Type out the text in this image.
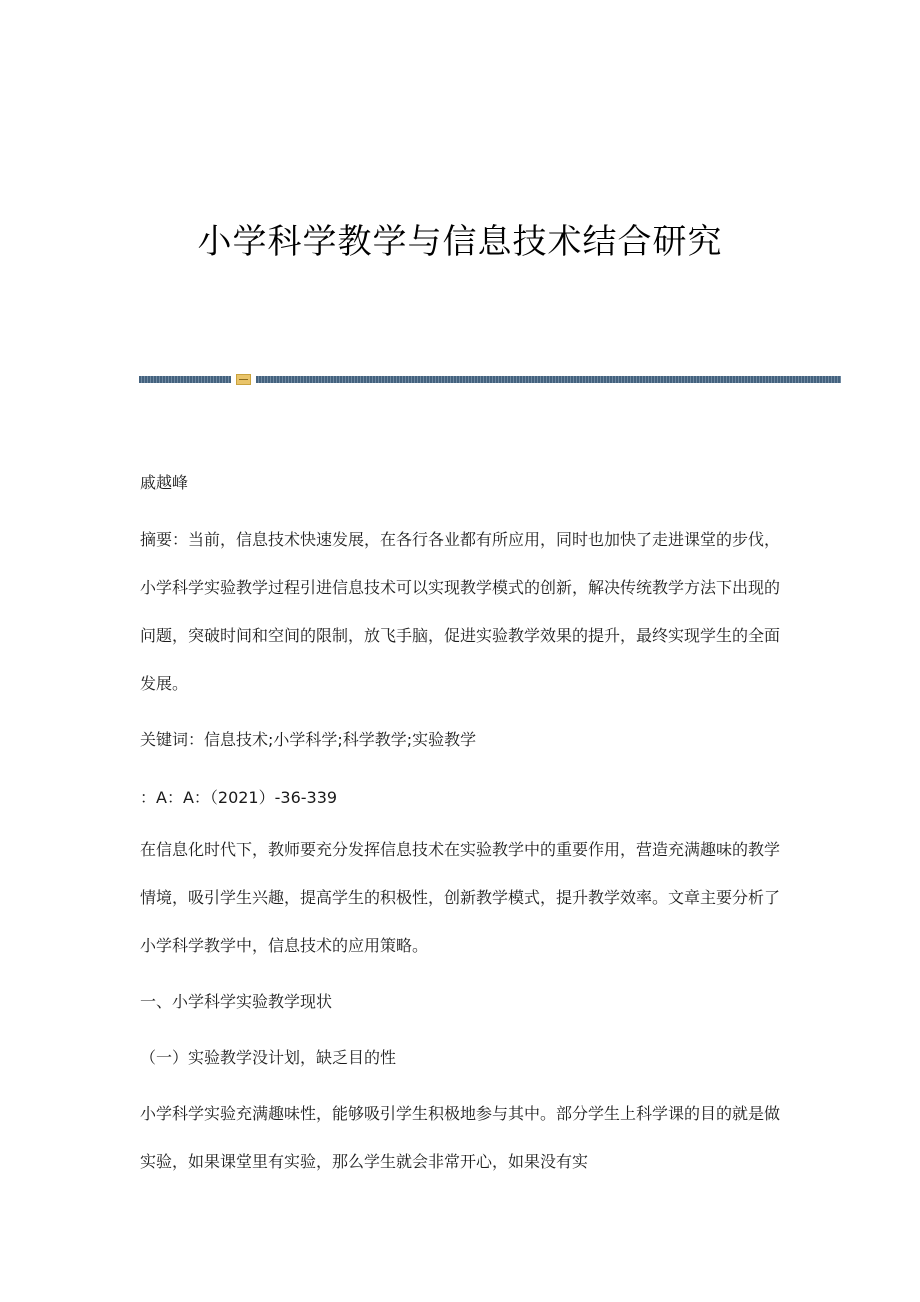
小学科学教学与信息技术结合研究

戚越峰

摘要：当前，信息技术快速发展，在各行各业都有所应用，同时也加快了走进课堂的步伐，小学科学实验教学过程引进信息技术可以实现教学模式的创新，解决传统教学方法下出现的问题，突破时间和空间的限制，放飞手脑，促进实验教学效果的提升，最终实现学生的全面发展。

关键词：信息技术;小学科学;科学教学;实验教学

：A：A：（2021）-36-339

在信息化时代下，教师要充分发挥信息技术在实验教学中的重要作用，营造充满趣味的教学情境，吸引学生兴趣，提高学生的积极性，创新教学模式，提升教学效率。文章主要分析了小学科学教学中，信息技术的应用策略。

一、小学科学实验教学现状

（一）实验教学没计划，缺乏目的性

小学科学实验充满趣味性，能够吸引学生积极地参与其中。部分学生上科学课的目的就是做实验，如果课堂里有实验，那么学生就会非常开心，如果没有实
